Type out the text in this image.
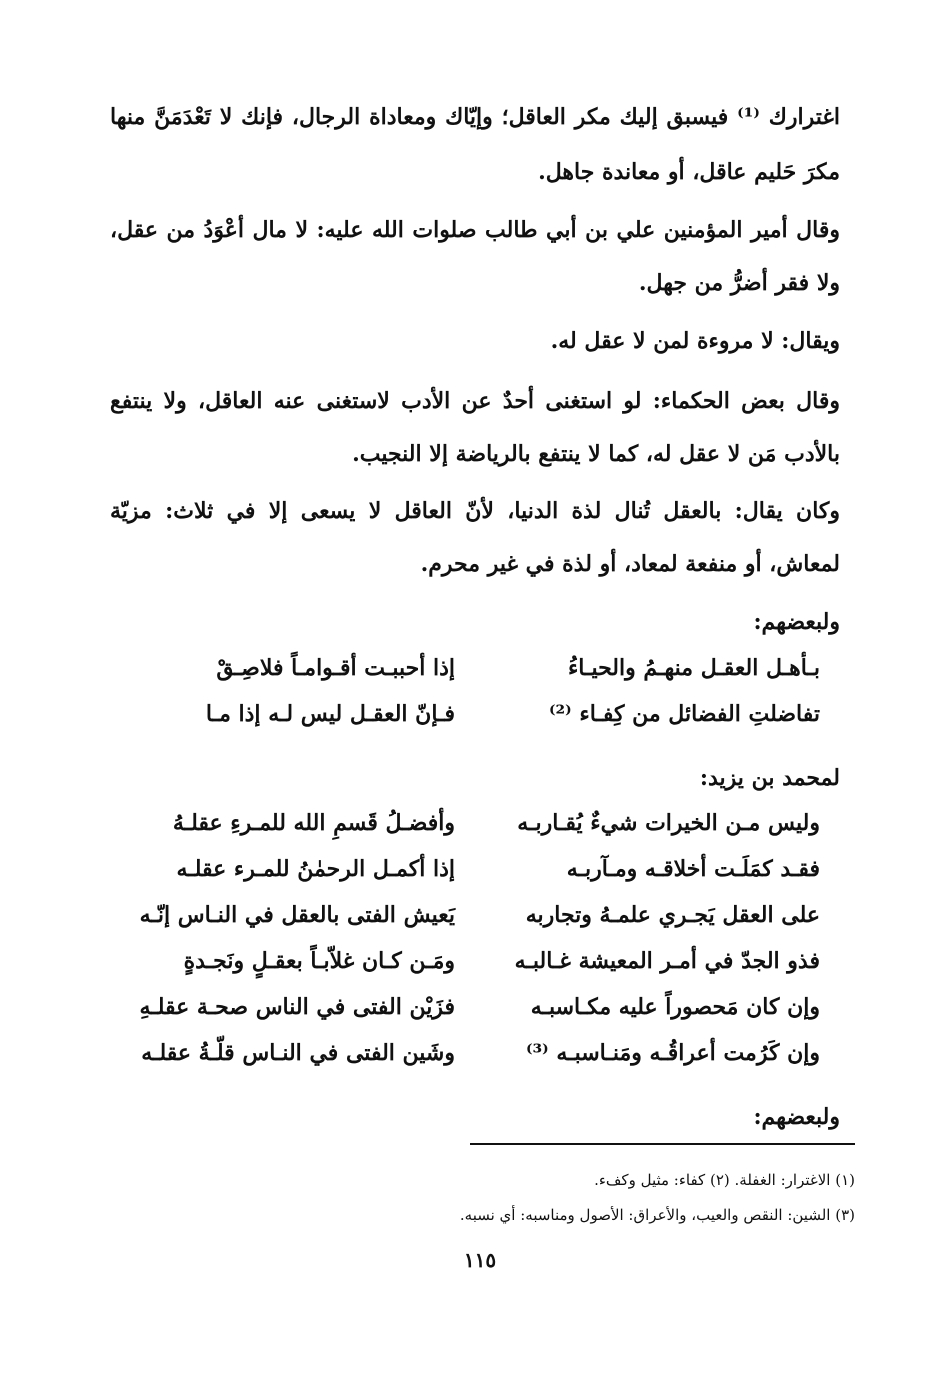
اغترارك ⁽¹⁾ فيسبق إليك مكر العاقل؛ وإيّاك ومعاداة الرجال، فإنك لا تَعْدَمَنَّ منها
مكرَ حَليم عاقل، أو معاندة جاهل.
وقال أمير المؤمنين علي بن أبي طالب صلوات الله عليه: لا مال أعْوَدُ من عقل،
ولا فقر أضرُّ من جهل.
ويقال: لا مروءة لمن لا عقل له.
وقال بعض الحكماء: لو استغنى أحدٌ عن الأدب لاستغنى عنه العاقل، ولا ينتفع
بالأدب مَن لا عقل له، كما لا ينتفع بالرياضة إلا النجيب.
وكان يقال: بالعقل تُنال لذة الدنيا، لأنّ العاقل لا يسعى إلا في ثلاث: مزيّة
لمعاش، أو منفعة لمعاد، أو لذة في غير محرم.
ولبعضهم:
إذا أحببـت أقـوامـاً فلاصِـقْ	بـأهـل العقـل منهـمُ والحيـاءُ
فـإنّ العقـل ليس لـه إذا مـا	تفاضلتِ الفضائل من كِفـاء ⁽²⁾
لمحمد بن يزيد:
وأفضـلُ قَسمِ الله للمـرءِ عقلـهُ	وليس مـن الخيرات شيءٌ يُقـاربـه
إذا أكمـل الرحمٰنُ للمـرء عقلـه	فقـد كمَلَـت أخلاقـه ومـآربـه
يَعيش الفتى بالعقل في النـاس إنّـه	على العقل يَجـري علمـهُ وتجاربه
ومَـن كـان غلاّبـاً بعقـلٍ ونَجـدةٍ	فذو الجدّ في أمـر المعيشة غـالبـه
فزَيْن الفتى في الناس صحـة عقلـهِ	وإن كان مَحصوراً عليه مكـاسبـه
وشَين الفتى في النـاس قلّـةُ عقلـه	وإن كَرُمت أعراقُـه ومَنـاسبـه ⁽³⁾
ولبعضهم:
(١) الاغترار: الغفلة. (٢) كفاء: مثيل وكفء.
(٣) الشين: النقص والعيب، والأعراق: الأصول ومناسبه: أي نسبه.
١١٥
